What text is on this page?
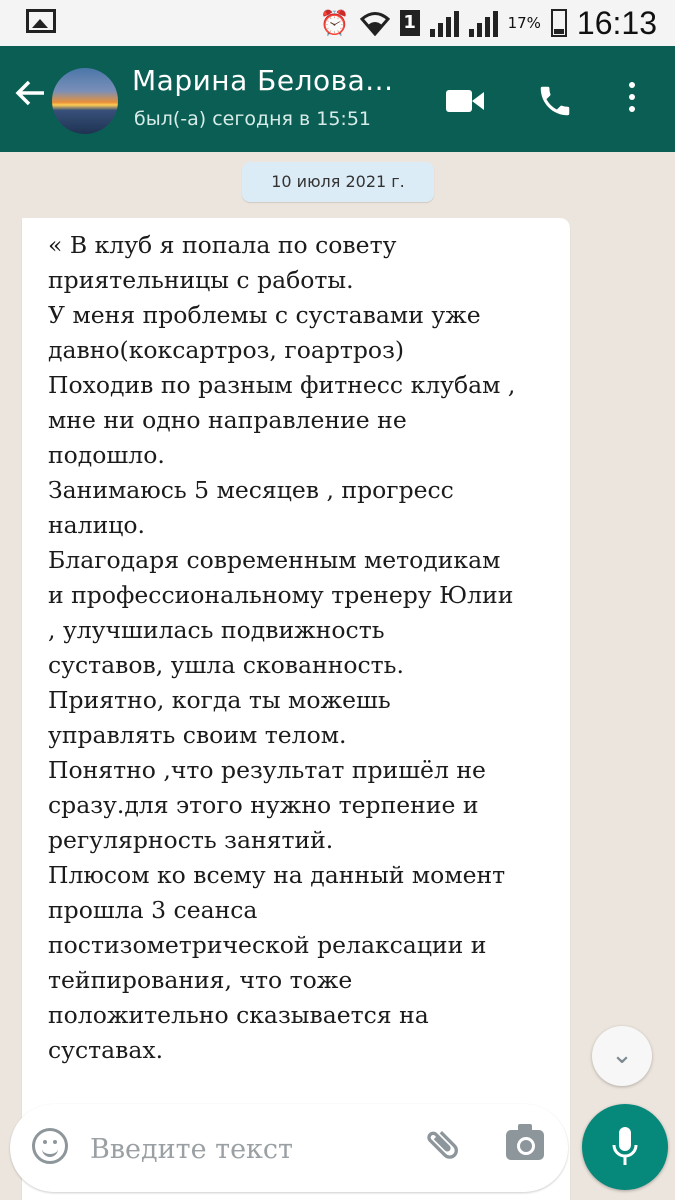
⏰	1	17% 16:13
Марина Белова...
был(-а) сегодня в 15:51
10 июля 2021 г.

« В клуб я попала по совету
приятельницы с работы.
У меня проблемы с суставами уже
давно(коксартроз, гоартроз)
Походив по разным фитнесс клубам ,
мне ни одно направление не
подошло.
Занимаюсь 5 месяцев , прогресс
налицо.
Благодаря современным методикам
и профессиональному тренеру Юлии
, улучшилась подвижность
суставов, ушла скованность.
Приятно, когда ты можешь
управлять своим телом.
Понятно ,что результат пришёл не
сразу.для этого нужно терпение и
регулярность занятий.
Плюсом ко всему на данный момент
прошла 3 сеанса
постизометрической релаксации и
тейпирования, что тоже
положительно сказывается на
суставах.	⌄
Введите текст
